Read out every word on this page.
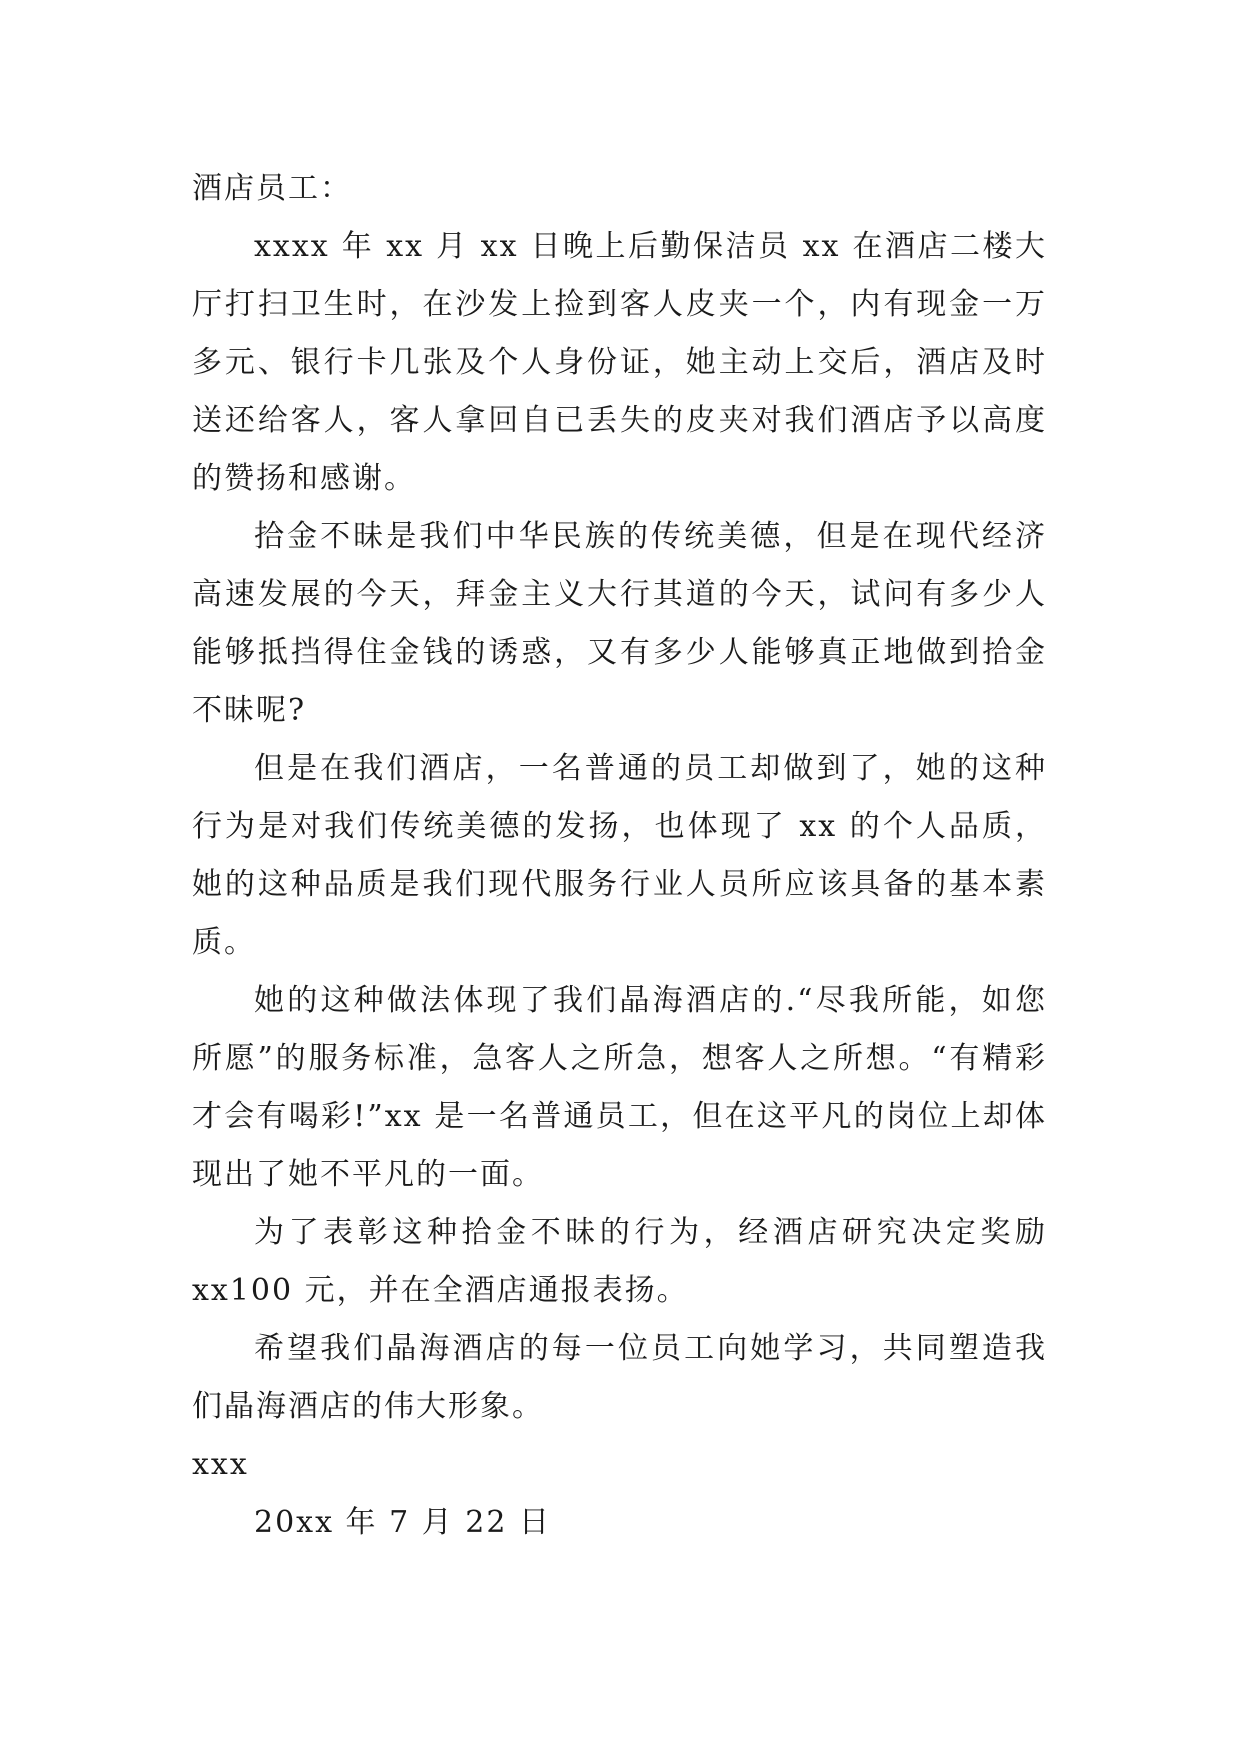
酒店员工：

xxxx 年 xx 月 xx 日晚上后勤保洁员 xx 在酒店二楼大厅打扫卫生时，在沙发上捡到客人皮夹一个，内有现金一万多元、银行卡几张及个人身份证，她主动上交后，酒店及时送还给客人，客人拿回自已丢失的皮夹对我们酒店予以高度的赞扬和感谢。

拾金不昧是我们中华民族的传统美德，但是在现代经济高速发展的今天，拜金主义大行其道的今天，试问有多少人能够抵挡得住金钱的诱惑，又有多少人能够真正地做到拾金不昧呢?

但是在我们酒店，一名普通的员工却做到了，她的这种行为是对我们传统美德的发扬，也体现了 xx 的个人品质，她的这种品质是我们现代服务行业人员所应该具备的基本素质。

她的这种做法体现了我们晶海酒店的.“尽我所能，如您所愿”的服务标准，急客人之所急，想客人之所想。“有精彩才会有喝彩!”xx 是一名普通员工，但在这平凡的岗位上却体现出了她不平凡的一面。

为了表彰这种拾金不昧的行为，经酒店研究决定奖励 xx100 元，并在全酒店通报表扬。

希望我们晶海酒店的每一位员工向她学习，共同塑造我们晶海酒店的伟大形象。

xxx

20xx 年 7 月 22 日
